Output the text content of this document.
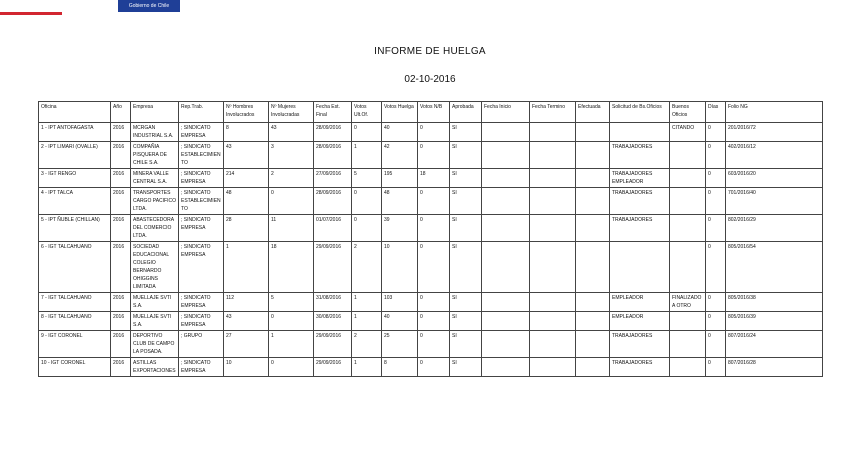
Gobierno de Chile
INFORME DE HUELGA
02-10-2016
Oficina	Año	Empresa	Rep.Trab.	Nº Hombres Involucrados	Nº Mujeres Involucradas	Fecha Est. Final	Votos Ult.Of.	Votos Huelga	Votos N/B	Aprobada	Fecha Inicio	Fecha Termino	Efectuada	Solicitud de Bs.Oficios	Buenos Oficios	Días	Folio NG
1 - IPT ANTOFAGASTA	2016	MCRGAN INDUSTRIAL S.A.	; SINDICATO EMPRESA	8	43	28/09/2016	0	40	0	SI					CITANDO	0	201/2016/72
2 - IPT LIMARI (OVALLE)	2016	COMPAÑIA PISQUERA DE CHILE S.A.	; SINDICATO ESTABLECIMIENTO	43	3	28/09/2016	1	42	0	SI				TRABAJADORES		0	402/2016/12
3 - IGT RENGO	2016	MINERA VALLE CENTRAL S.A.	; SINDICATO EMPRESA	214	2	27/09/2016	5	195	18	SI				TRABAJADORES EMPLEADOR		0	603/2016/20
4 - IPT TALCA	2016	TRANSPORTES CARGO PACIFICO LTDA.	; SINDICATO ESTABLECIMIENTO	48	0	28/09/2016	0	48	0	SI				TRABAJADORES		0	701/2016/40
5 - IPT ÑUBLE (CHILLAN)	2016	ABASTECEDORA DEL COMERCIO LTDA.	; SINDICATO EMPRESA	28	11	01/07/2016	0	39	0	SI				TRABAJADORES		0	802/2016/29
6 - IGT TALCAHUANO	2016	SOCIEDAD EDUCACIONAL COLEGIO BERNARDO OHIGGINS LIMITADA	; SINDICATO EMPRESA	1	18	29/09/2016	2	10	0	SI						0	805/2016/54
7 - IGT TALCAHUANO	2016	MUELLAJE SVTI S.A.	; SINDICATO EMPRESA	112	5	31/08/2016	1	103	0	SI				EMPLEADOR	FINALIZADO A OTRO	0	805/2016/38
8 - IGT TALCAHUANO	2016	MUELLAJE SVTI S.A.	; SINDICATO EMPRESA	43	0	30/08/2016	1	40	0	SI				EMPLEADOR		0	805/2016/39
9 - IGT CORONEL	2016	DEPORTIVO CLUB DE CAMPO LA POSADA.	; GRUPO	27	1	29/09/2016	2	25	0	SI				TRABAJADORES		0	807/2016/24
10 - IGT CORONEL	2016	ASTILLAS EXPORTACIONES	; SINDICATO EMPRESA	10	0	29/09/2016	1	8	0	SI				TRABAJADORES		0	807/2016/28
